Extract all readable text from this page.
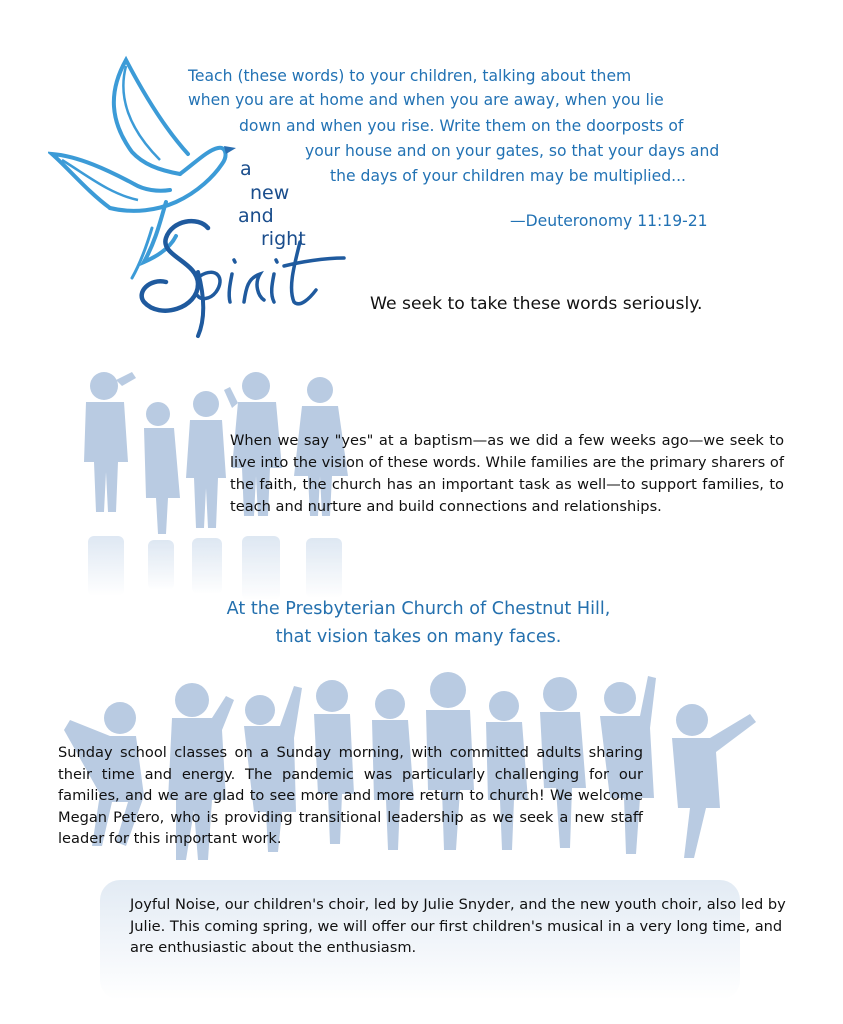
a
new
and
right
Teach (these words) to your children, talking about them
when you are at home and when you are away, when you lie
down and when you rise. Write them on the doorposts of
your house and on your gates, so that your days and
the days of your children may be multiplied...
—Deuteronomy 11:19-21
We seek to take these words seriously.
When we say "yes" at a baptism—as we did a few weeks ago—we seek to live into the vision of these words. While families are the primary sharers of the faith, the church has an important task as well—to support families, to teach and nurture and build connections and relationships.
At the Presbyterian Church of Chestnut Hill,
that vision takes on many faces.
Sunday school classes on a Sunday morning, with committed adults sharing their time and energy. The pandemic was particularly challenging for our families, and we are glad to see more and more return to church! We welcome Megan Petero, who is providing transitional leadership as we seek a new staff leader for this important work.
Joyful Noise, our children's choir, led by Julie Snyder, and the new youth choir, also led by Julie. This coming spring, we will offer our first children's musical in a very long time, and are enthusiastic about the enthusiasm.
